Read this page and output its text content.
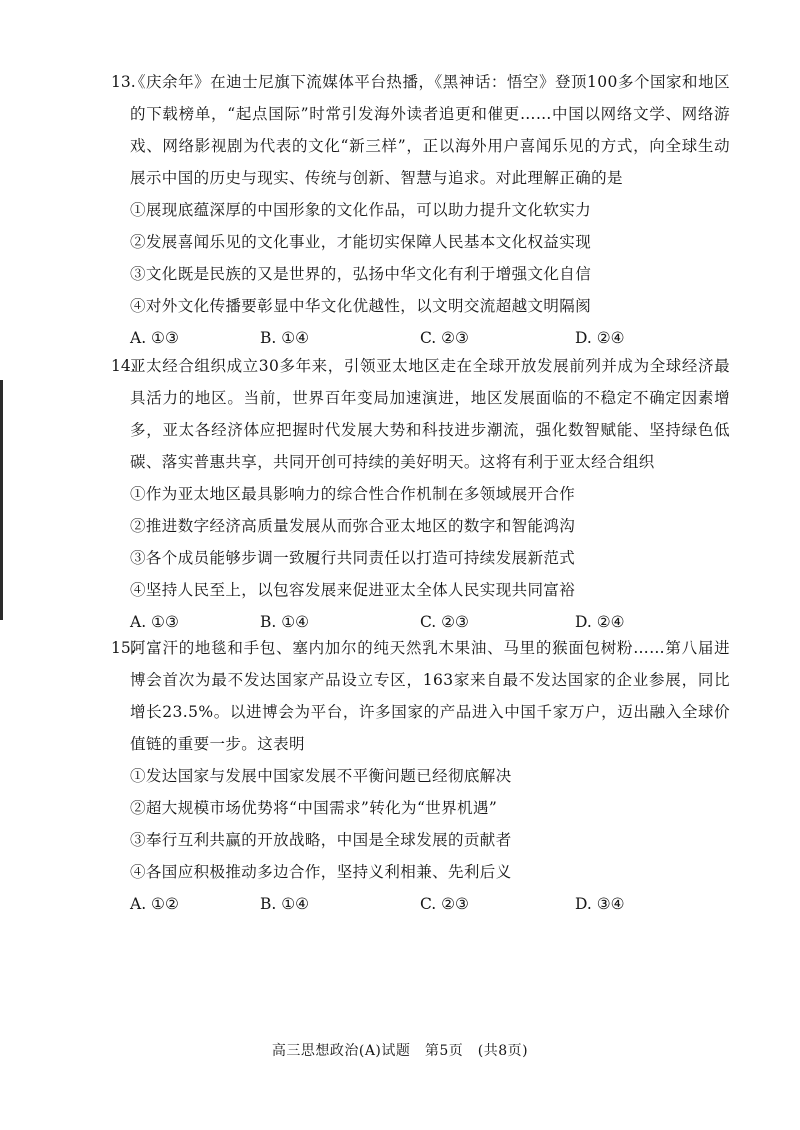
13.

《庆余年》在迪士尼旗下流媒体平台热播，《黑神话：悟空》登顶100多个国家和地区的下载榜单，“起点国际”时常引发海外读者追更和催更……中国以网络文学、网络游戏、网络影视剧为代表的文化“新三样”，正以海外用户喜闻乐见的方式，向全球生动展示中国的历史与现实、传统与创新、智慧与追求。对此理解正确的是

①展现底蕴深厚的中国形象的文化作品，可以助力提升文化软实力
②发展喜闻乐见的文化事业，才能切实保障人民基本文化权益实现
③文化既是民族的又是世界的，弘扬中华文化有利于增强文化自信
④对外文化传播要彰显中华文化优越性，以文明交流超越文明隔阂
A. ①③	B. ①④	C. ②③	D. ②④
14.

亚太经合组织成立30多年来，引领亚太地区走在全球开放发展前列并成为全球经济最具活力的地区。当前，世界百年变局加速演进，地区发展面临的不稳定不确定因素增多，亚太各经济体应把握时代发展大势和科技进步潮流，强化数智赋能、坚持绿色低碳、落实普惠共享，共同开创可持续的美好明天。这将有利于亚太经合组织

①作为亚太地区最具影响力的综合性合作机制在多领域展开合作
②推进数字经济高质量发展从而弥合亚太地区的数字和智能鸿沟
③各个成员能够步调一致履行共同责任以打造可持续发展新范式
④坚持人民至上，以包容发展来促进亚太全体人民实现共同富裕
A. ①③	B. ①④	C. ②③	D. ②④
15.

阿富汗的地毯和手包、塞内加尔的纯天然乳木果油、马里的猴面包树粉……第八届进博会首次为最不发达国家产品设立专区，163家来自最不发达国家的企业参展，同比增长23.5%。以进博会为平台，许多国家的产品进入中国千家万户，迈出融入全球价值链的重要一步。这表明

①发达国家与发展中国家发展不平衡问题已经彻底解决
②超大规模市场优势将“中国需求”转化为“世界机遇”
③奉行互利共赢的开放战略，中国是全球发展的贡献者
④各国应积极推动多边合作，坚持义利相兼、先利后义
A. ①②	B. ①④	C. ②③	D. ③④
高三思想政治(A)试题　第5页　(共8页)
